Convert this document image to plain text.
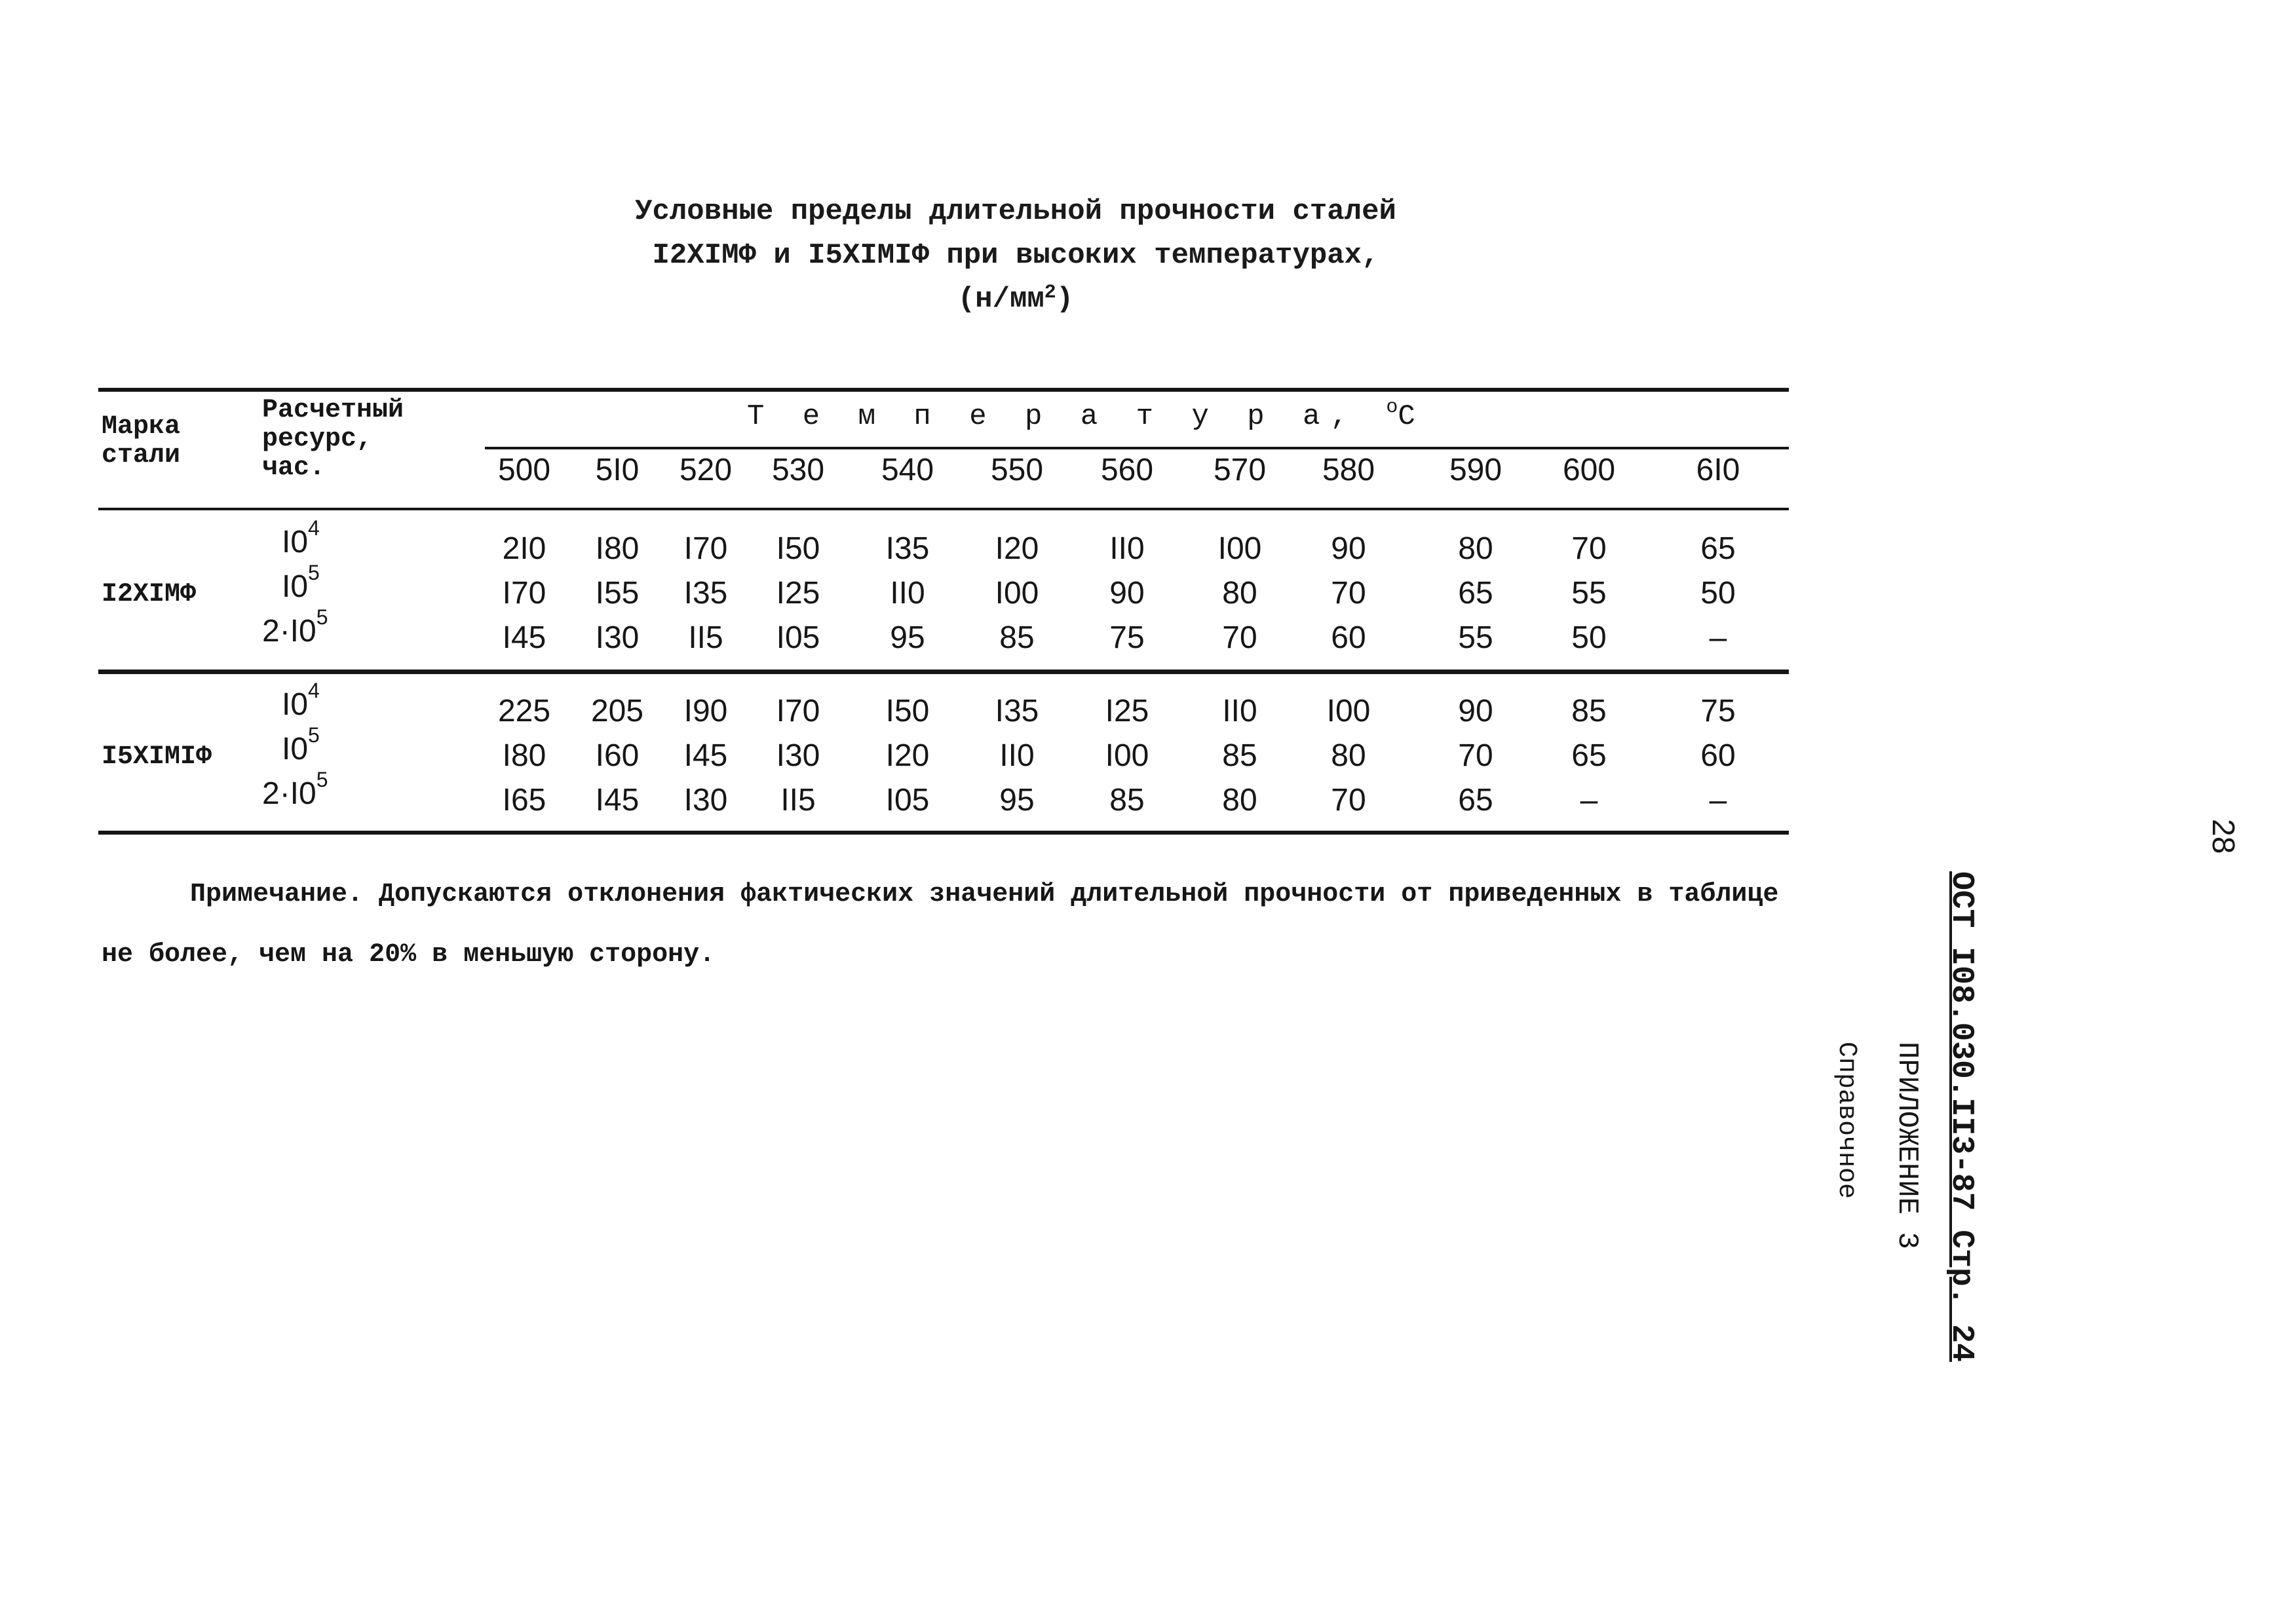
Условные пределы длительной прочности сталей
I2XIМФ и I5XIМIФ при высоких температурах,
$(н/мм^2)$
Марка
стали
Расчетный
ресурс,
час.
Т е м п е р а т у р а, $^о$C
500 5I0 520 530 540 550 560 570 580 590 600	6I0
I2XIМФ
$I0^4$
2I0 I80 I70 I50 I35 I20 II0 I00 90	80 70	65
$I0^5$
I70 I55 I35 I25 II0 I00 90 80 70	65 55	50
$2\cdot I0^5$
I45 I30 II5 I05 95 85 75 70 60	55 50	–
I5XIМIФ
$I0^4$
225 205 I90 I70 I50 I35 I25 II0 I00	90 85	75
$I0^5$
I80 I60 I45 I30 I20 II0 I00 85 80	70 65	60
$2\cdot I0^5$
I65 I45 I30 II5 I05 95 85 80 70	65	–	–
Примечание. Допускаются отклонения фактических значений длительной прочности от приведенных в таблице не более, чем на 20% в меньшую сторону.	ОСТ I08.030.II3-87 Стр. 24
ПРИЛОЖЕНИЕ 3
Справочное
28
